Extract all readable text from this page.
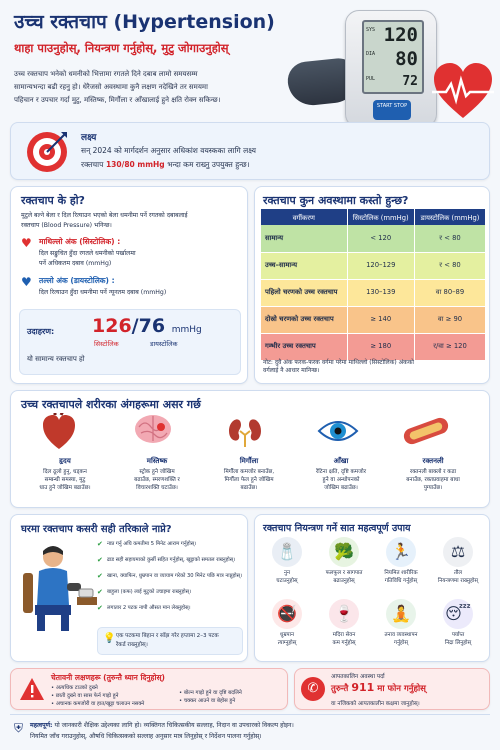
उच्च रक्तचाप (Hypertension)
थाहा पाउनुहोस्, नियन्त्रण गर्नुहोस्, मुटु जोगाउनुहोस्
उच्च रक्तचाप भनेको धमनीको भित्तामा रगतले दिने दबाब लामो समयसम्म
सामान्यभन्दा बढी रहनु हो। धेरैजसो अवस्थामा कुनै लक्षण नदेखिने तर समयमा
पहिचान र उपचार गर्दा मुटु, मस्तिष्क, मिर्गौला र आँखालाई हुने क्षति रोक्न सकिन्छ।
SYS 120
DIA 80
PUL 72
START STOP
लक्ष्य
सन् 2024 को मार्गदर्शन अनुसार अधिकांश वयस्कका लागि लक्ष्य
रक्तचाप 130/80 mmHg भन्दा कम राख्नु उपयुक्त हुन्छ।
रक्तचाप के हो?
मुटुले बल्ने बेला र दिल रित्याउन भएको बेला धमनीमा पर्ने रगतको दबाबलाई
रक्तचाप (Blood Pressure) भनिन्छ।
♥ माथिल्लो अंक (सिस्टोलिक) :
दिल सङ्कुचित हुँदा रगतले धमनीको पर्खालमा
पर्ने अधिकतम दबाव (mmHg)
♥ तल्लो अंक (डायस्टोलिक) :
दिल रित्याउन हुँदा धमनीमा पर्ने न्यूनतम दबाब (mmHg)
उदाहरण: 126/76 mmHg
सिस्टोलिक	डायस्टोलिक
यो सामान्य रक्तचाप हो
रक्तचाप कुन अवस्थामा कस्तो हुन्छ?
वर्गीकरण	सिस्टोलिक (mmHg)	डायस्टोलिक (mmHg)
सामान्य	< 120	र < 80
उच्च–सामान्य	120–129	र < 80
पहिलो चरणको उच्च रक्तचाप	130–139	वा 80–89
दोस्रो चरणको उच्च रक्तचाप	≥ 140	वा ≥ 90
गम्भीर उच्च रक्तचाप	≥ 180	र/वा ≥ 120
नोट: दुवै अंक फरक-फरक वर्गमा परेमा माथिल्लो (सिस्टोलिक) अंकको
वर्गलाई नै आधार मानिन्छ।
उच्च रक्तचापले शरीरका अंगहरूमा असर गर्छ
हृदय
दिल ठूलो हुनु, धड्कन
सम्बन्धी समस्या, मुटु
धाउ हुने जोखिम बढाउँछ।
मस्तिष्क
स्ट्रोक हुने जोखिम
बढाउँछ, स्मरणशक्ति र
विचारशक्ति घटाउँछ।
मिर्गौला
मिर्गौला कमजोर बनाउँछ,
मिर्गौला फेल हुने जोखिम
बढाउँछ।
आँखा
रेटिना क्षति, दृष्टि कमजोर
हुने वा अन्धोपनको
जोखिम बढाउँछ।
रक्तनली
रक्तनली बाक्लो र कडा
बनाउँछ, रक्तप्रवाहमा बाधा
पुग्याउँछ।
घरमा रक्तचाप कसरी सही तरिकाले नाप्ने?
✔ नाप्न गर्नु अघि कमतीमा 5 मिनेट आराम गर्नुहोस्।
✔ ढाड सही सहायमाको कुर्सी सहित गर्नुहोस्, खुट्टाको समतल राख्नुहोस्।
✔ खाना, क्याफिन, धुम्रपान वा व्यायाम गरेको 30 मिनेट पछि मात्र नाप्नुहोस्।
✔ बाहुला (कफ) लाई मुटुको उचाइमा राख्नुहोस्।
✔ लगातार 2 पटक नापी औसत मान लेख्नुहोस्।
💡 एक पटकमा बिहान र साँझ गरेर हप्तामा 2–3 पटक
रेकर्ड राख्नुहोस्।
रक्तचाप नियन्त्रण गर्ने सात महत्वपूर्ण उपाय
🧂
नुन
घटाउनुहोस्
🥦
फलफूल र सागपात
बढाउनुहोस्
🏃
नियमित शारीरिक
गतिविधि गर्नुहोस्
⚖
तौल
नियन्त्रणमा राख्नुहोस्
🚭
धुम्रपान
त्याग्नुहोस्
🍷
मदिरा सेवन
कम गर्नुहोस्
🧘
तनाव व्यवस्थापन
गर्नुहोस्
😴
पर्याप्त
निद्रा लिनुहोस्
चेतावनी लक्षणहरू (तुरुन्तै ध्यान दिनुहोस्)
• अत्यधिक टाउको दुख्ने
• छाती दुख्ने वा सास फेर्न गाह्रो हुने
• अचानक कमजोरी वा हात/खुट्टा चलाउन नसक्ने
• बोल्न गाह्रो हुने वा दृष्टि बदलिने
• चक्कर आउने वा बेहोस हुने
✆
आपतकालिन अवस्था पर्दा
तुरुन्तै 911 मा फोन गर्नुहोस्
वा नजिकको आपतकालीन कक्षमा जानुहोस्।
⛨ महत्वपूर्ण: यो जानकारी शैक्षिक उद्देश्यका लागि हो। व्यक्तिगत चिकित्सकीय सल्लाह, निदान वा उपचारको विकल्प होइन।
नियमित जाँच गराउनुहोस्, औषधि चिकित्सकको सल्लाह अनुसार मात्र लिनुहोस् र निर्देशन पालना गर्नुहोस्।
